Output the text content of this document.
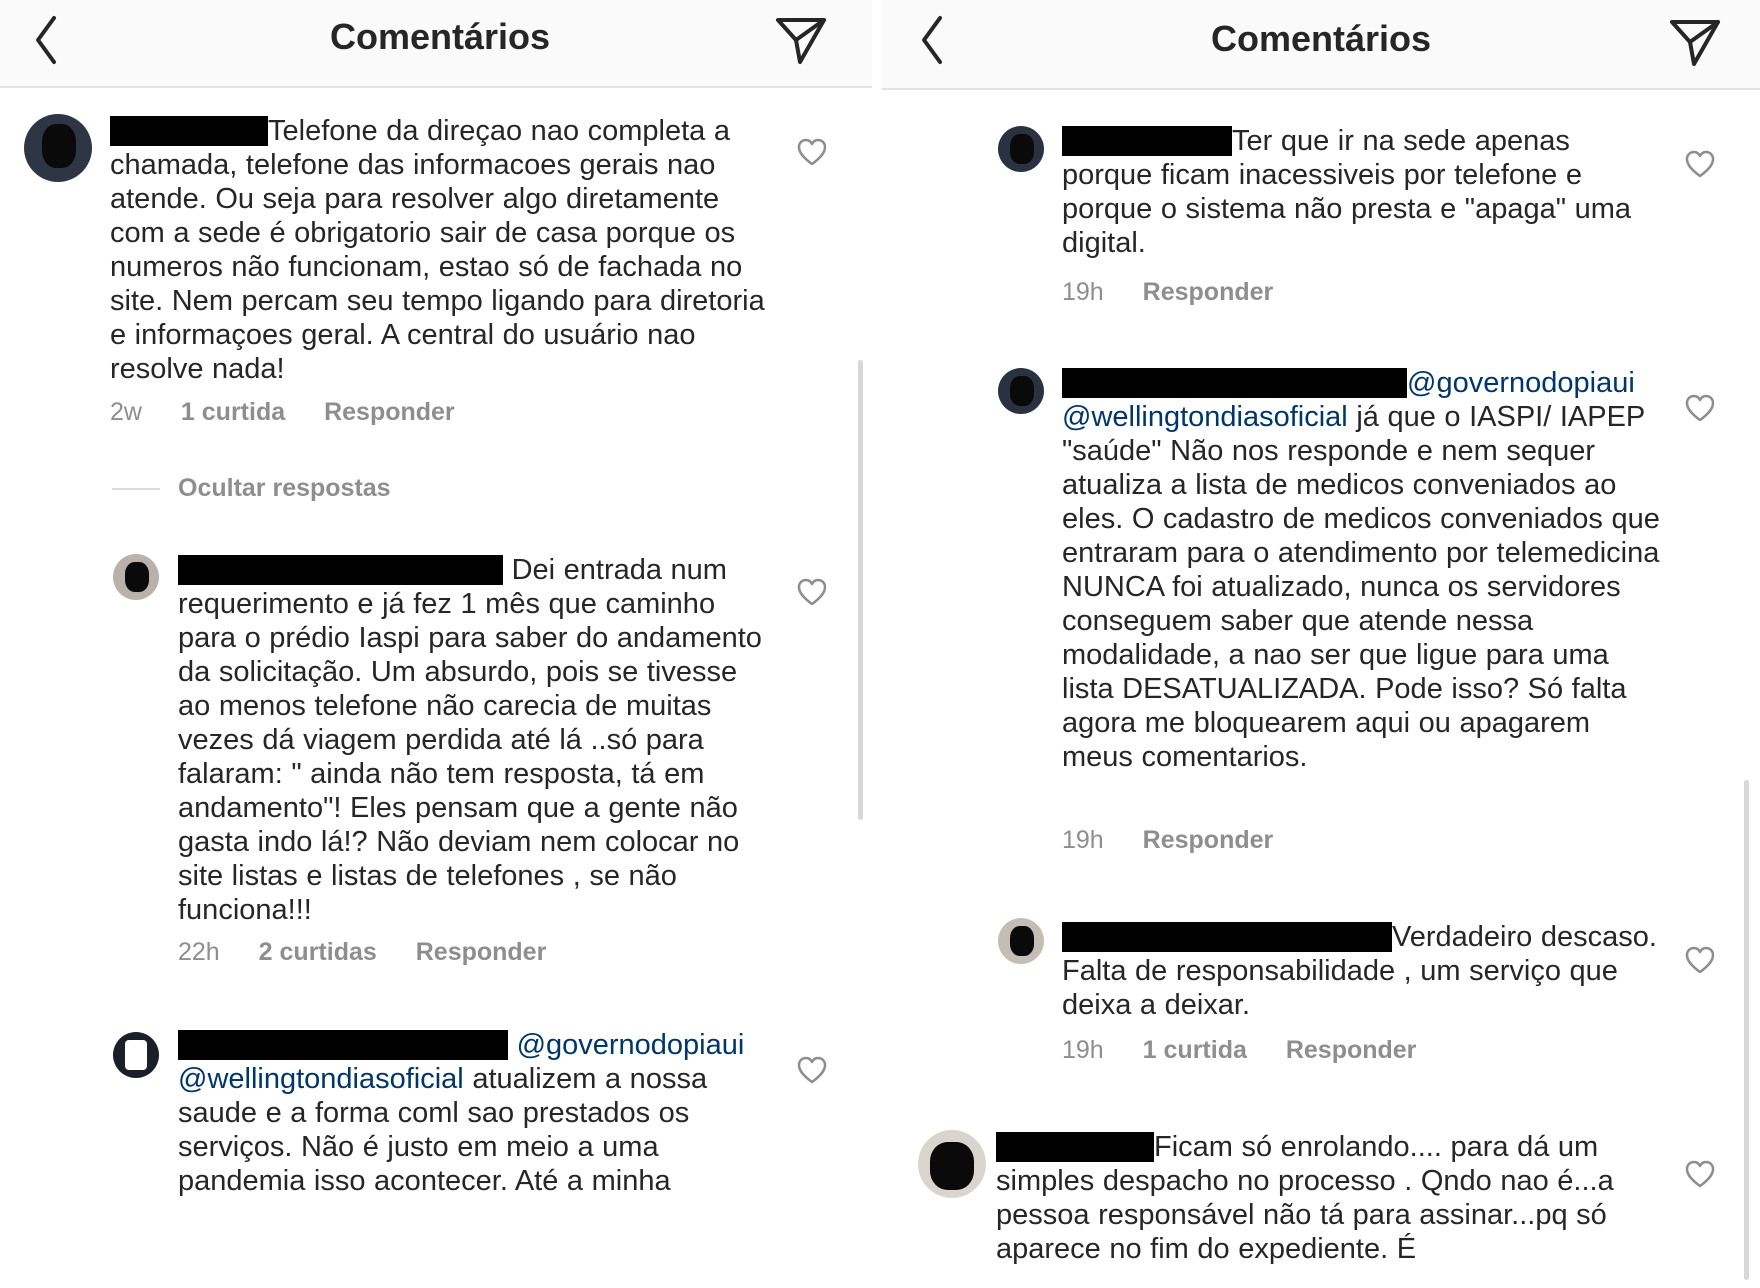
Comentários
Telefone da direçao nao completa a chamada, telefone das informacoes gerais nao atende. Ou seja para resolver algo diretamente com a sede é obrigatorio sair de casa porque os numeros não funcionam, estao só de fachada no site. Nem percam seu tempo ligando para diretoria e informaçoes geral. A central do usuário nao resolve nada!
2w 1 curtida Responder
Ocultar respostas
Dei entrada num requerimento e já fez 1 mês que caminho para o prédio Iaspi para saber do andamento da solicitação. Um absurdo, pois se tivesse ao menos telefone não carecia de muitas vezes dá viagem perdida até lá ..só para falaram: " ainda não tem resposta, tá em andamento"! Eles pensam que a gente não gasta indo lá!? Não deviam nem colocar no site listas e listas de telefones , se não funciona!!!
22h 2 curtidas Responder
@governodopiaui @wellingtondiasoficial atualizem a nossa saude e a forma coml sao prestados os serviços. Não é justo em meio a uma pandemia isso acontecer. Até a minha
Comentários
Ter que ir na sede apenas porque ficam inacessiveis por telefone e porque o sistema não presta e "apaga" uma digital.
19h Responder
@governodopiaui @wellingtondiasoficial já que o IASPI/ IAPEP "saúde" Não nos responde e nem sequer atualiza a lista de medicos conveniados ao eles. O cadastro de medicos conveniados que entraram para o atendimento por telemedicina NUNCA foi atualizado, nunca os servidores conseguem saber que atende nessa modalidade, a nao ser que ligue para uma lista DESATUALIZADA. Pode isso? Só falta agora me bloquearem aqui ou apagarem meus comentarios.
19h Responder
Verdadeiro descaso. Falta de responsabilidade , um serviço que deixa a deixar.
19h 1 curtida Responder
Ficam só enrolando.... para dá um simples despacho no processo . Qndo nao é...a pessoa responsável não tá para assinar...pq só aparece no fim do expediente. É
